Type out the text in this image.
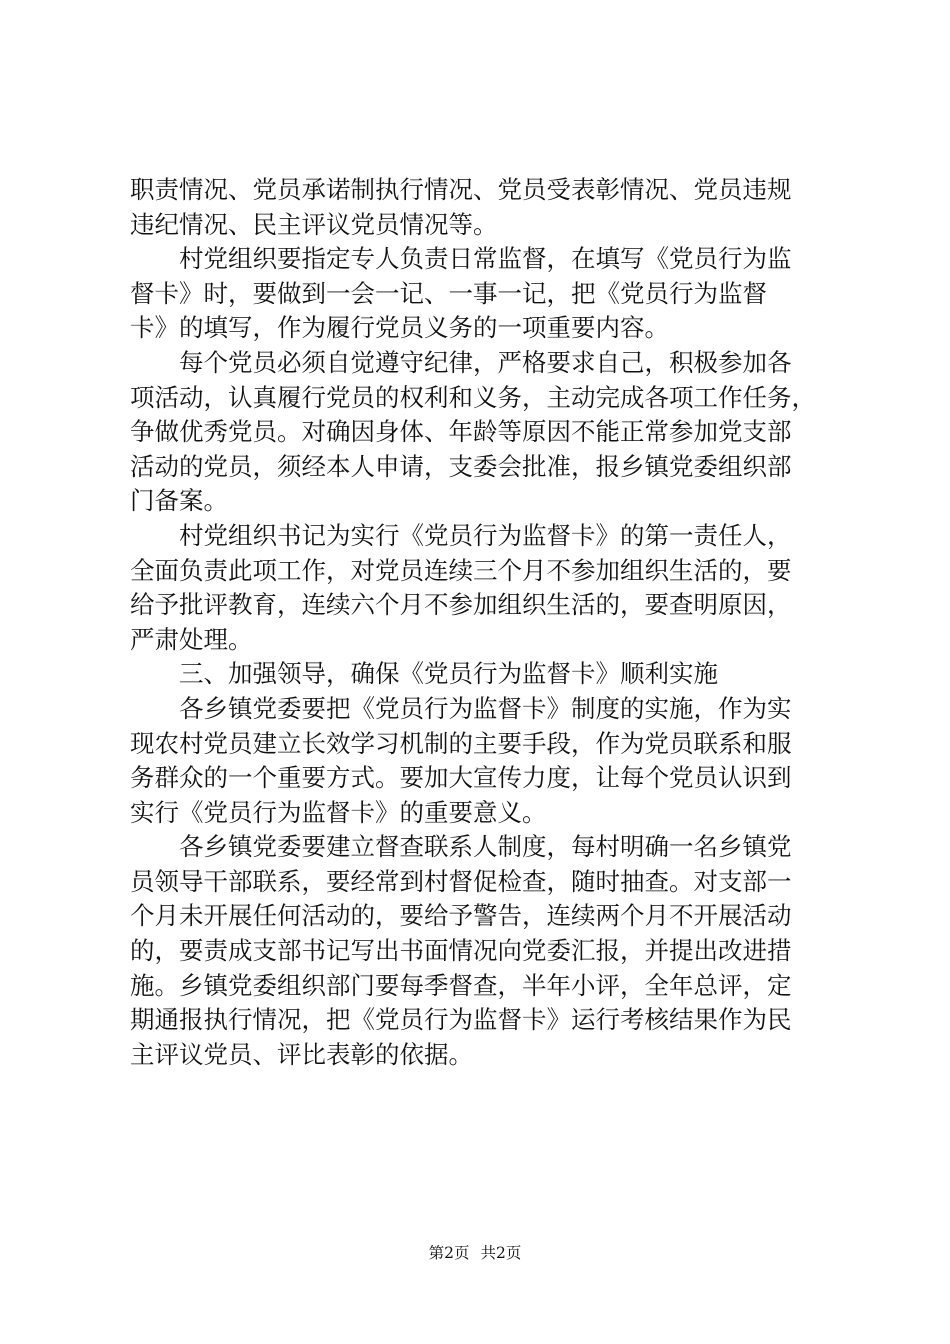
职责情况、党员承诺制执行情况、党员受表彰情况、党员违规
违纪情况、民主评议党员情况等。
村党组织要指定专人负责日常监督，在填写《党员行为监
督卡》时，要做到一会一记、一事一记，把《党员行为监督
卡》的填写，作为履行党员义务的一项重要内容。
每个党员必须自觉遵守纪律，严格要求自己，积极参加各
项活动，认真履行党员的权利和义务，主动完成各项工作任务，
争做优秀党员。对确因身体、年龄等原因不能正常参加党支部
活动的党员，须经本人申请，支委会批准，报乡镇党委组织部
门备案。
村党组织书记为实行《党员行为监督卡》的第一责任人，
全面负责此项工作，对党员连续三个月不参加组织生活的，要
给予批评教育，连续六个月不参加组织生活的，要查明原因，
严肃处理。
三、加强领导，确保《党员行为监督卡》顺利实施
各乡镇党委要把《党员行为监督卡》制度的实施，作为实
现农村党员建立长效学习机制的主要手段，作为党员联系和服
务群众的一个重要方式。要加大宣传力度，让每个党员认识到
实行《党员行为监督卡》的重要意义。
各乡镇党委要建立督查联系人制度，每村明确一名乡镇党
员领导干部联系，要经常到村督促检查，随时抽查。对支部一
个月未开展任何活动的，要给予警告，连续两个月不开展活动
的，要责成支部书记写出书面情况向党委汇报，并提出改进措
施。乡镇党委组织部门要每季督查，半年小评，全年总评，定
期通报执行情况，把《党员行为监督卡》运行考核结果作为民
主评议党员、评比表彰的依据。
第2页 共2页
